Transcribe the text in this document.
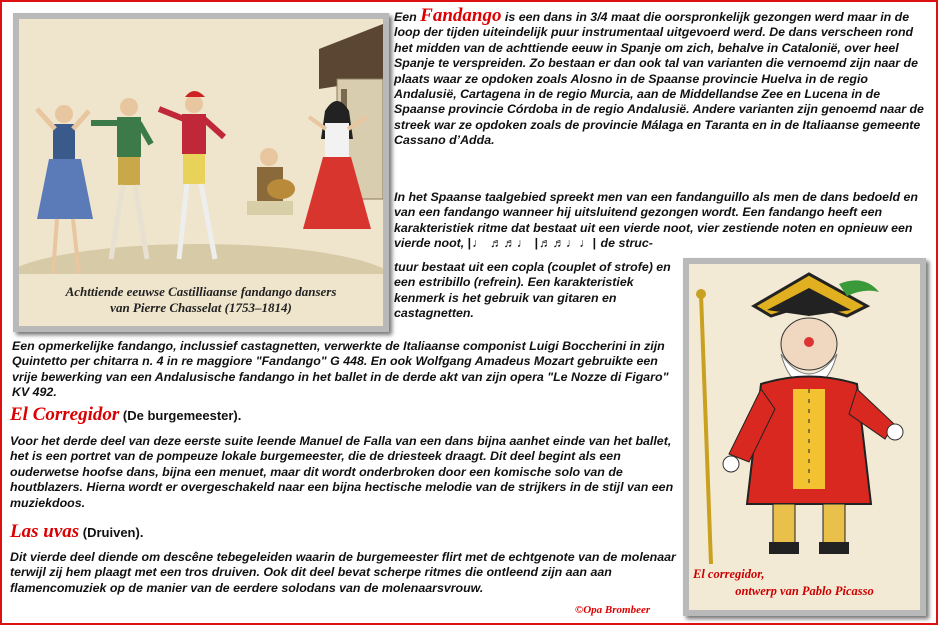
Achttiende eeuwse Castilliaanse fandango dansers
van Pierre Chasselat (1753–1814)
El corregidor,
ontwerp van Pablo Picasso
Een Fandango is een dans in 3/4 maat die oorspronkelijk gezongen werd maar in de loop der tijden uiteindelijk puur instrumentaal uitgevoerd werd. De dans verscheen rond het midden van de achttiende eeuw in Spanje om zich, behalve in Catalonië, over heel Spanje te verspreiden. Zo bestaan er dan ook tal van varianten die vernoemd zijn naar de plaats waar ze opdoken zoals Alosno in de Spaanse provincie Huelva in de regio Andalusië, Cartagena in de regio Murcia, aan de Middellandse Zee en Lucena in de Spaanse provincie Córdoba in de regio Andalusië. Andere varianten zijn genoemd naar de streek war ze opdoken zoals de provincie Málaga en Taranta en in de Italiaanse gemeente Cassano d’Adda.
In het Spaanse taalgebied spreekt men van een fandanguillo als men de dans bedoeld en van een fandango wanneer hij uitsluitend gezongen wordt. Een fandango heeft een karakteristiek ritme dat bestaat uit een vierde noot, vier zestiende noten en opnieuw een vierde noot, |♩ ♬♬♩ |♬♬♩♩| de struc-
tuur bestaat uit een copla (couplet of strofe) en een estribillo (refrein). Een karakteristiek kenmerk is het gebruik van gitaren en castagnetten.
Een opmerkelijke fandango, inclussief castagnetten, verwerkte de Italiaanse componist Luigi Boccherini in zijn Quintetto per chitarra n. 4 in re maggiore "Fandango" G 448. En ook Wolfgang Amadeus Mozart gebruikte een vrije bewerking van een Andalusische fandango in het ballet in de derde akt van zijn opera "Le Nozze di Figaro" KV 492.
El Corregidor (De burgemeester).
Voor het derde deel van deze eerste suite leende Manuel de Falla van een dans bijna aanhet einde van het ballet, het is een portret van de pompeuze lokale burgemeester, die de driesteek draagt. Dit deel begint als een ouderwetse hoofse dans, bijna een menuet, maar dit wordt onderbroken door een komische solo van de houtblazers. Hierna wordt er overgeschakeld naar een bijna hectische melodie van de strijkers in de stijl van een muziekdoos.
Las uvas (Druiven).
Dit vierde deel diende om descêne tebegeleiden waarin de burgemeester flirt met de echtgenote van de molenaar terwijl zij hem plaagt met een tros druiven. Ook dit deel bevat scherpe ritmes die ontleend zijn aan aan flamencomuziek op de manier van de eerdere solodans van de molenaarsvrouw.
©Opa Brombeer
